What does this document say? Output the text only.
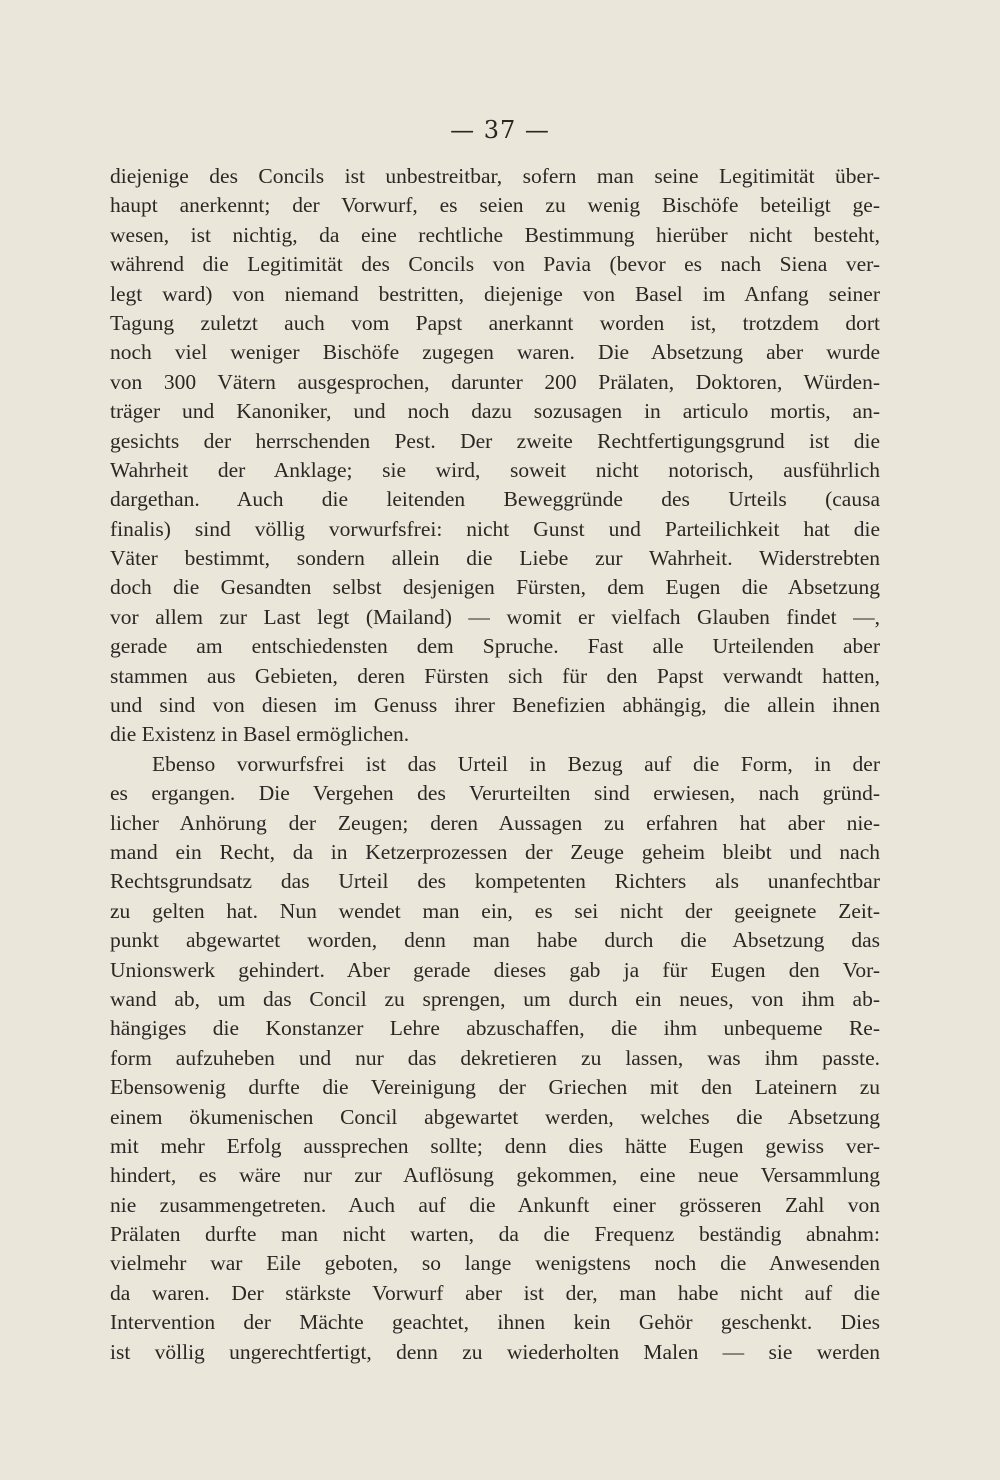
— 37 —
diejenige des Concils ist unbestreitbar, sofern man seine Legitimität über-
haupt anerkennt; der Vorwurf, es seien zu wenig Bischöfe beteiligt ge-
wesen, ist nichtig, da eine rechtliche Bestimmung hierüber nicht besteht,
während die Legitimität des Concils von Pavia (bevor es nach Siena ver-
legt ward) von niemand bestritten, diejenige von Basel im Anfang seiner
Tagung zuletzt auch vom Papst anerkannt worden ist, trotzdem dort
noch viel weniger Bischöfe zugegen waren. Die Absetzung aber wurde
von 300 Vätern ausgesprochen, darunter 200 Prälaten, Doktoren, Würden-
träger und Kanoniker, und noch dazu sozusagen in articulo mortis, an-
gesichts der herrschenden Pest. Der zweite Rechtfertigungsgrund ist die
Wahrheit der Anklage; sie wird, soweit nicht notorisch, ausführlich
dargethan. Auch die leitenden Beweggründe des Urteils (causa
finalis) sind völlig vorwurfsfrei: nicht Gunst und Parteilichkeit hat die
Väter bestimmt, sondern allein die Liebe zur Wahrheit. Widerstrebten
doch die Gesandten selbst desjenigen Fürsten, dem Eugen die Absetzung
vor allem zur Last legt (Mailand) — womit er vielfach Glauben findet —,
gerade am entschiedensten dem Spruche. Fast alle Urteilenden aber
stammen aus Gebieten, deren Fürsten sich für den Papst verwandt hatten,
und sind von diesen im Genuss ihrer Benefizien abhängig, die allein ihnen
die Existenz in Basel ermöglichen.
Ebenso vorwurfsfrei ist das Urteil in Bezug auf die Form, in der
es ergangen. Die Vergehen des Verurteilten sind erwiesen, nach gründ-
licher Anhörung der Zeugen; deren Aussagen zu erfahren hat aber nie-
mand ein Recht, da in Ketzerprozessen der Zeuge geheim bleibt und nach
Rechtsgrundsatz das Urteil des kompetenten Richters als unanfechtbar
zu gelten hat. Nun wendet man ein, es sei nicht der geeignete Zeit-
punkt abgewartet worden, denn man habe durch die Absetzung das
Unionswerk gehindert. Aber gerade dieses gab ja für Eugen den Vor-
wand ab, um das Concil zu sprengen, um durch ein neues, von ihm ab-
hängiges die Konstanzer Lehre abzuschaffen, die ihm unbequeme Re-
form aufzuheben und nur das dekretieren zu lassen, was ihm passte.
Ebensowenig durfte die Vereinigung der Griechen mit den Lateinern zu
einem ökumenischen Concil abgewartet werden, welches die Absetzung
mit mehr Erfolg aussprechen sollte; denn dies hätte Eugen gewiss ver-
hindert, es wäre nur zur Auflösung gekommen, eine neue Versammlung
nie zusammengetreten. Auch auf die Ankunft einer grösseren Zahl von
Prälaten durfte man nicht warten, da die Frequenz beständig abnahm:
vielmehr war Eile geboten, so lange wenigstens noch die Anwesenden
da waren. Der stärkste Vorwurf aber ist der, man habe nicht auf die
Intervention der Mächte geachtet, ihnen kein Gehör geschenkt. Dies
ist völlig ungerechtfertigt, denn zu wiederholten Malen — sie werden
